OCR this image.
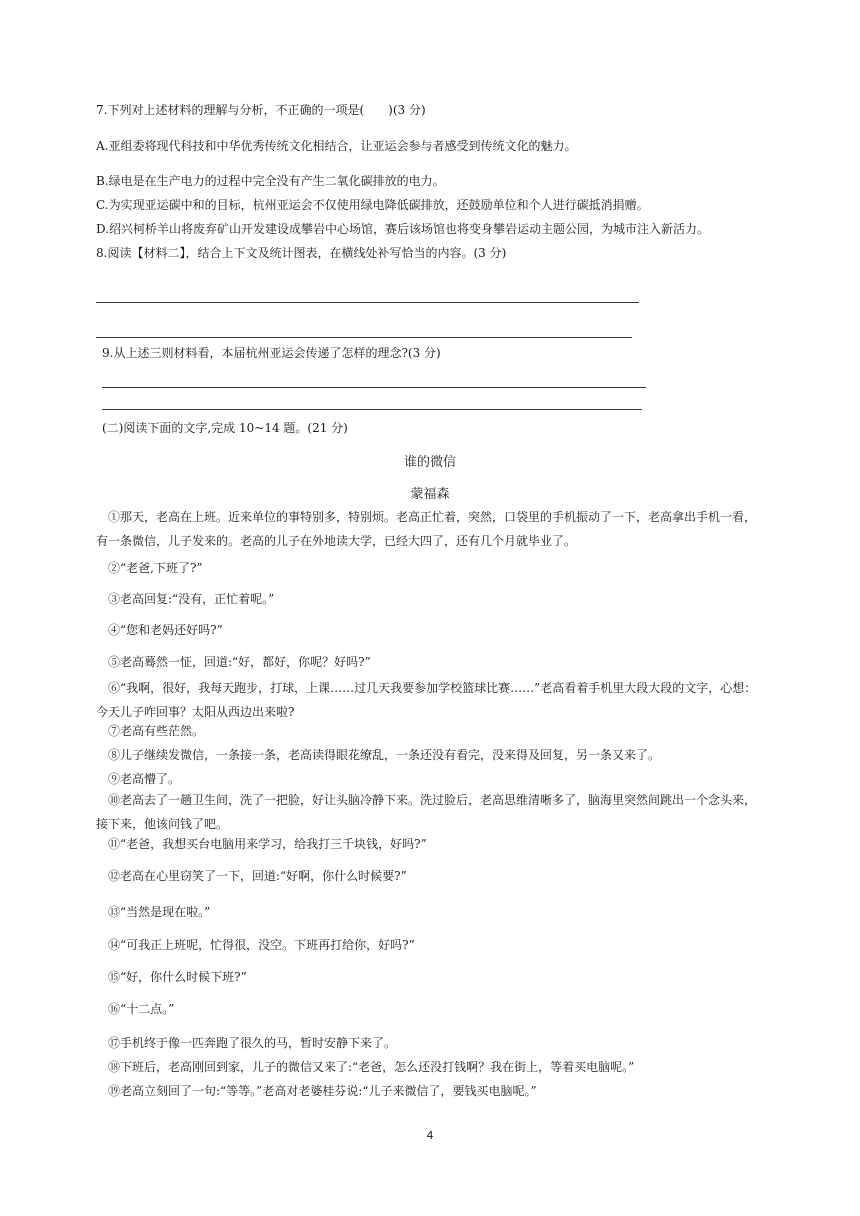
7.下列对上述材料的理解与分析，不正确的一项是(　　)(3 分)
A.亚组委将现代科技和中华优秀传统文化相结合，让亚运会参与者感受到传统文化的魅力。
B.绿电是在生产电力的过程中完全没有产生二氧化碳排放的电力。
C.为实现亚运碳中和的目标，杭州亚运会不仅使用绿电降低碳排放，还鼓励单位和个人进行碳抵消捐赠。
D.绍兴柯桥羊山将废弃矿山开发建设成攀岩中心场馆，赛后该场馆也将变身攀岩运动主题公园，为城市注入新活力。
8.阅读【材料二】，结合上下文及统计图表，在横线处补写恰当的内容。(3 分)
9.从上述三则材料看，本届杭州亚运会传递了怎样的理念?(3 分)
(二)阅读下面的文字,完成 10~14 题。(21 分)
谁的微信
蒙福森
①那天，老高在上班。近来单位的事特别多，特别烦。老高正忙着，突然，口袋里的手机振动了一下，老高拿出手机一看，有一条微信，儿子发来的。老高的儿子在外地读大学，已经大四了，还有几个月就毕业了。
②“老爸,下班了?”
③老高回复:“没有，正忙着呢。”
④“您和老妈还好吗?”
⑤老高蓦然一怔，回道:“好，都好，你呢？好吗?”
⑥“我啊，很好，我每天跑步，打球，上课……过几天我要参加学校篮球比赛……”老高看着手机里大段大段的文字，心想：今天儿子咋回事？太阳从西边出来啦?
⑦老高有些茫然。
⑧儿子继续发微信，一条接一条，老高读得眼花缭乱，一条还没有看完，没来得及回复，另一条又来了。
⑨老高懵了。
⑩老高去了一趟卫生间，洗了一把脸，好让头脑冷静下来。洗过脸后，老高思维清晰多了，脑海里突然间跳出一个念头来，接下来，他该问钱了吧。
⑪“老爸，我想买台电脑用来学习，给我打三千块钱，好吗?”
⑫老高在心里窃笑了一下，回道:“好啊，你什么时候要?”
⑬“当然是现在啦。”
⑭“可我正上班呢，忙得很，没空。下班再打给你，好吗?”
⑮“好，你什么时候下班?”
⑯“十二点。”
⑰手机终于像一匹奔跑了很久的马，暂时安静下来了。
⑱下班后，老高刚回到家，儿子的微信又来了:“老爸，怎么还没打钱啊？我在街上，等着买电脑呢。”
⑲老高立刻回了一句:“等等。”老高对老婆桂芬说:“儿子来微信了，要钱买电脑呢。”
4
